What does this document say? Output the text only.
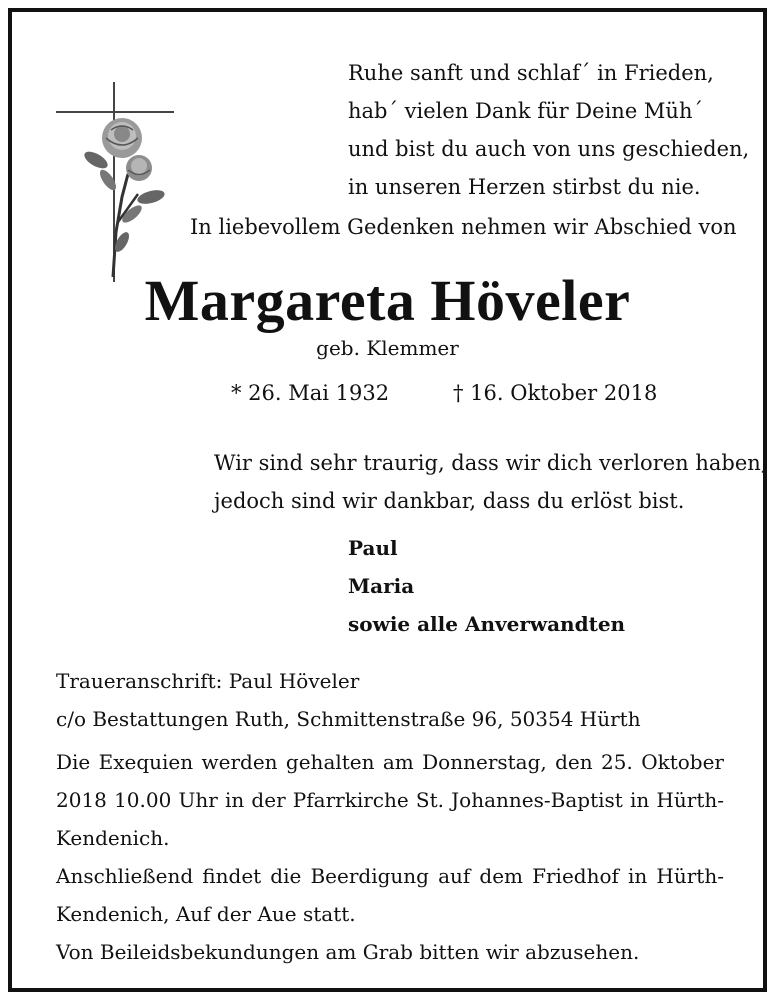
Ruhe sanft und schlaf´ in Frieden,
hab´ vielen Dank für Deine Müh´
und bist du auch von uns geschieden,
in unseren Herzen stirbst du nie.
In liebevollem Gedenken nehmen wir Abschied von
Margareta Höveler
geb. Klemmer
* 26. Mai 1932	† 16. Oktober 2018
Wir sind sehr traurig, dass wir dich verloren haben,
jedoch sind wir dankbar, dass du erlöst bist.
Paul
Maria
sowie alle Anverwandten
Traueranschrift: Paul Höveler
c/o Bestattungen Ruth, Schmittenstraße 96, 50354 Hürth

Die Exequien werden gehalten am Donnerstag, den 25. Oktober 2018 10.00 Uhr in der Pfarrkirche St. Johannes-Baptist in Hürth-Kendenich.

Anschließend findet die Beerdigung auf dem Friedhof in Hürth-Kendenich, Auf der Aue statt.

Von Beileidsbekundungen am Grab bitten wir abzusehen.
